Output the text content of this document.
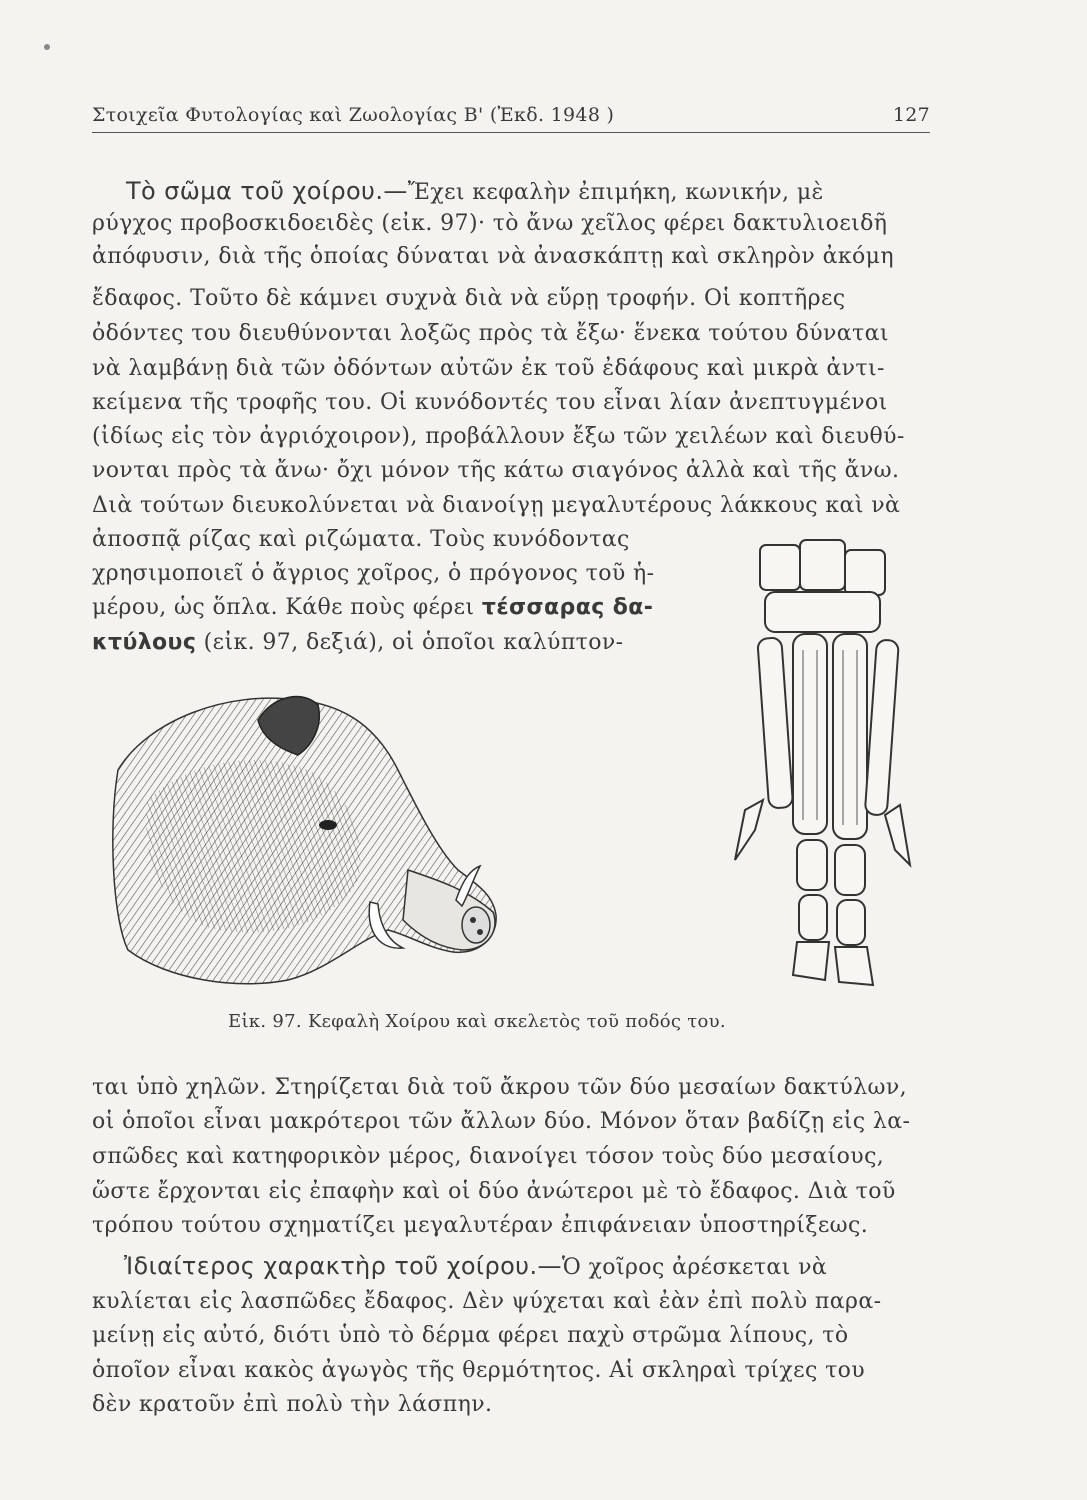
Στοιχεῖα Φυτολογίας καὶ Ζωολογίας Β' (Ἐκδ. 1948 )	127
Τὸ σῶμα τοῦ χοίρου.—Ἔχει κεφαλὴν ἐπιμήκη, κωνικήν, μὲ
ρύγχος προβοσκιδοειδὲς (εἰκ. 97)· τὸ ἄνω χεῖλος φέρει δακτυλιοειδῆ
ἀπόφυσιν, διὰ τῆς ὁποίας δύναται νὰ ἀνασκάπτῃ καὶ σκληρὸν ἀκόμη
ἔδαφος. Τοῦτο δὲ κάμνει συχνὰ διὰ νὰ εὕρῃ τροφήν. Οἱ κοπτῆρες
ὀδόντες του διευθύνονται λοξῶς πρὸς τὰ ἔξω· ἕνεκα τούτου δύναται
νὰ λαμβάνῃ διὰ τῶν ὀδόντων αὐτῶν ἐκ τοῦ ἐδάφους καὶ μικρὰ ἀντι-
κείμενα τῆς τροφῆς του. Οἱ κυνόδοντές του εἶναι λίαν ἀνεπτυγμένοι
(ἰδίως εἰς τὸν ἀγριόχοιρον), προβάλλουν ἔξω τῶν χειλέων καὶ διευθύ-
νονται πρὸς τὰ ἄνω· ὄχι μόνον τῆς κάτω σιαγόνος ἀλλὰ καὶ τῆς ἄνω.
Διὰ τούτων διευκολύνεται νὰ διανοίγῃ μεγαλυτέρους λάκκους καὶ νὰ
ἀποσπᾷ ρίζας καὶ ριζώματα. Τοὺς κυνόδοντας
χρησιμοποιεῖ ὁ ἄγριος χοῖρος, ὁ πρόγονος τοῦ ἡ-
μέρου, ὡς ὅπλα. Κάθε ποὺς φέρει τέσσαρας δα-
κτύλους (εἰκ. 97, δεξιά), οἱ ὁποῖοι καλύπτον-
Εἰκ. 97. Κεφαλὴ Χοίρου καὶ σκελετὸς τοῦ ποδός του.
ται ὑπὸ χηλῶν. Στηρίζεται διὰ τοῦ ἄκρου τῶν δύο μεσαίων δακτύλων,
οἱ ὁποῖοι εἶναι μακρότεροι τῶν ἄλλων δύο. Μόνον ὅταν βαδίζῃ εἰς λα-
σπῶδες καὶ κατηφορικὸν μέρος, διανοίγει τόσον τοὺς δύο μεσαίους,
ὥστε ἔρχονται εἰς ἐπαφὴν καὶ οἱ δύο ἀνώτεροι μὲ τὸ ἔδαφος. Διὰ τοῦ
τρόπου τούτου σχηματίζει μεγαλυτέραν ἐπιφάνειαν ὑποστηρίξεως.
Ἰδιαίτερος χαρακτὴρ τοῦ χοίρου.—Ὁ χοῖρος ἀρέσκεται νὰ
κυλίεται εἰς λασπῶδες ἔδαφος. Δὲν ψύχεται καὶ ἐὰν ἐπὶ πολὺ παρα-
μείνῃ εἰς αὐτό, διότι ὑπὸ τὸ δέρμα φέρει παχὺ στρῶμα λίπους, τὸ
ὁποῖον εἶναι κακὸς ἀγωγὸς τῆς θερμότητος. Αἱ σκληραὶ τρίχες του
δὲν κρατοῦν ἐπὶ πολὺ τὴν λάσπην.
